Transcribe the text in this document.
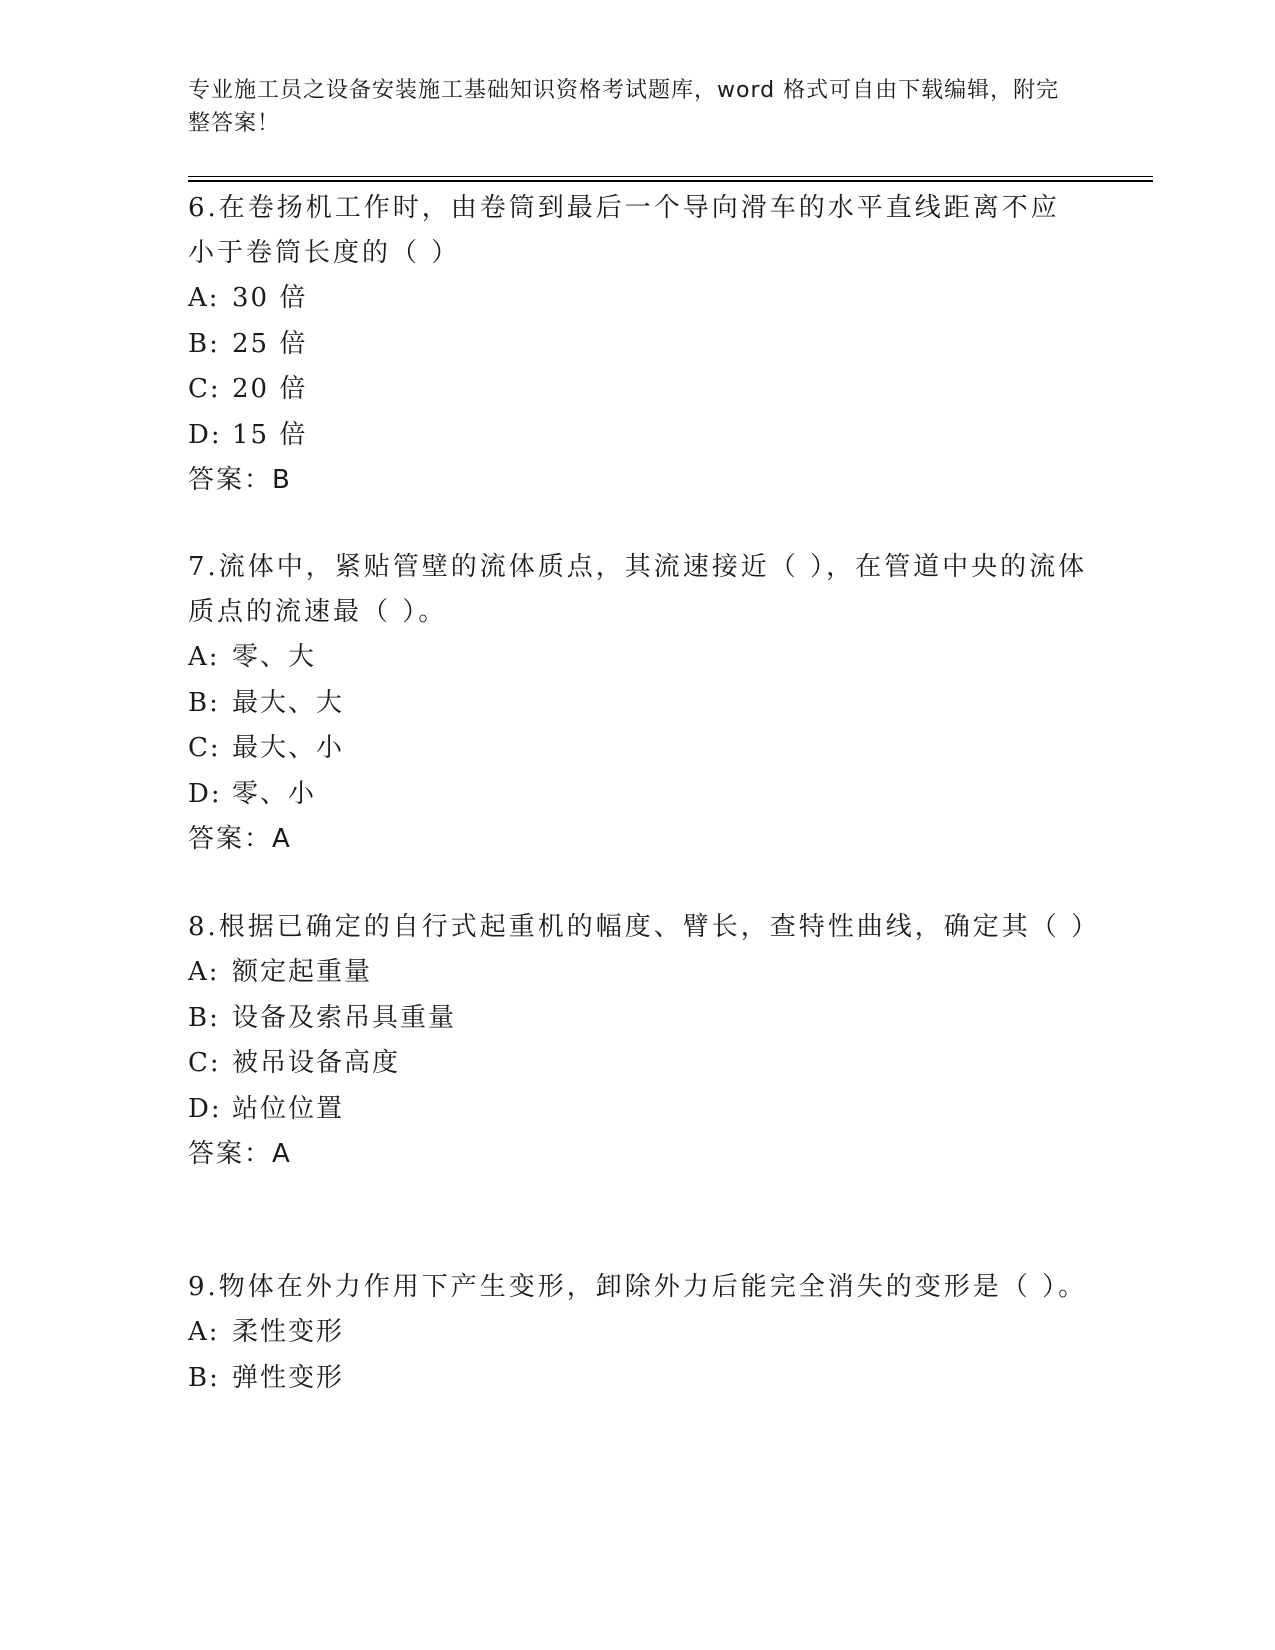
专业施工员之设备安装施工基础知识资格考试题库，word 格式可自由下载编辑，附完整答案！

6.在卷扬机工作时，由卷筒到最后一个导向滑车的水平直线距离不应小于卷筒长度的（ ）

A: 30 倍

B: 25 倍

C: 20 倍

D: 15 倍

答案：B

7.流体中，紧贴管壁的流体质点，其流速接近（ ），在管道中央的流体质点的流速最（ ）。

A: 零、大

B: 最大、大

C: 最大、小

D: 零、小

答案：A

8.根据已确定的自行式起重机的幅度、臂长，查特性曲线，确定其（ ）

A: 额定起重量

B: 设备及索吊具重量

C: 被吊设备高度

D: 站位位置

答案：A

9.物体在外力作用下产生变形，卸除外力后能完全消失的变形是（ ）。

A: 柔性变形

B: 弹性变形
